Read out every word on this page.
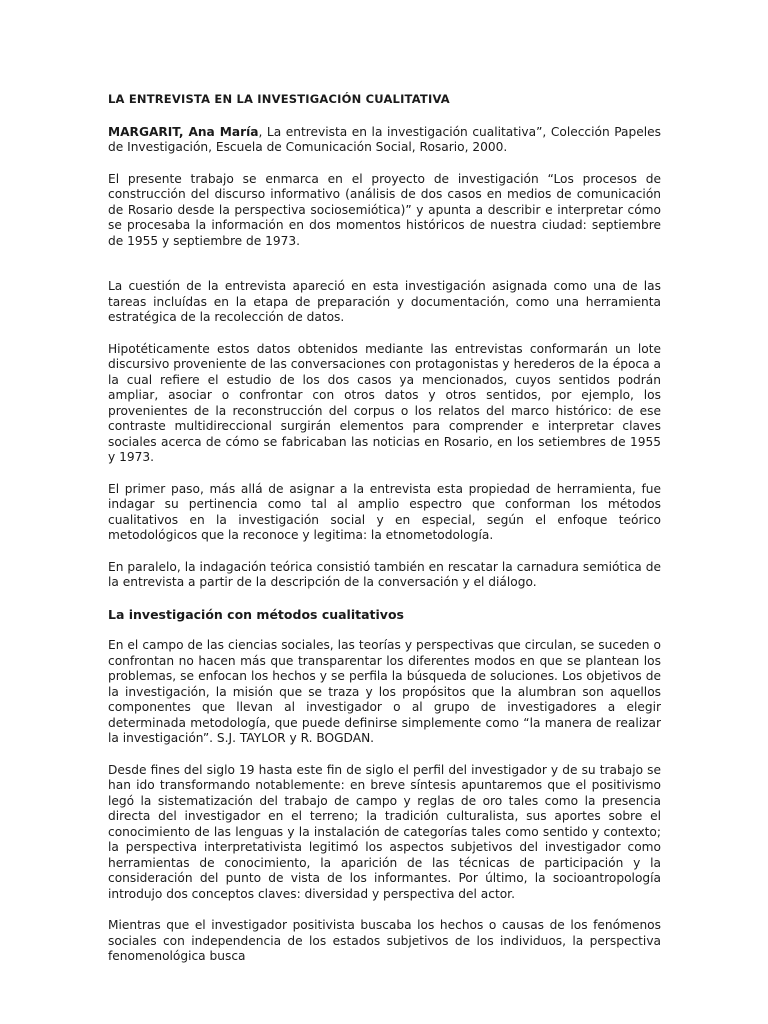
LA ENTREVISTA EN LA INVESTIGACIÓN CUALITATIVA

MARGARIT, Ana María, La entrevista en la investigación cualitativa”, Colección Papeles de Investigación, Escuela de Comunicación Social, Rosario, 2000.

El presente trabajo se enmarca en el proyecto de investigación “Los procesos de construcción del discurso informativo (análisis de dos casos en medios de comunicación de Rosario desde la perspectiva sociosemiótica)” y apunta a describir e interpretar cómo se procesaba la información en dos momentos históricos de nuestra ciudad: septiembre de 1955 y septiembre de 1973.

La cuestión de la entrevista apareció en esta investigación asignada como una de las tareas incluídas en la etapa de preparación y documentación, como una herramienta estratégica de la recolección de datos.

Hipotéticamente estos datos obtenidos mediante las entrevistas conformarán un lote discursivo proveniente de las conversaciones con protagonistas y herederos de la época a la cual refiere el estudio de los dos casos ya mencionados, cuyos sentidos podrán ampliar, asociar o confrontar con otros datos y otros sentidos, por ejemplo, los provenientes de la reconstrucción del corpus o los relatos del marco histórico: de ese contraste multidireccional surgirán elementos para comprender e interpretar claves sociales acerca de cómo se fabricaban las noticias en Rosario, en los setiembres de 1955 y 1973.

El primer paso, más allá de asignar a la entrevista esta propiedad de herramienta, fue indagar su pertinencia como tal al amplio espectro que conforman los métodos cualitativos en la investigación social y en especial, según el enfoque teórico metodológicos que la reconoce y legitima: la etnometodología.

En paralelo, la indagación teórica consistió también en rescatar la carnadura semiótica de la entrevista a partir de la descripción de la conversación y el diálogo.

La investigación con métodos cualitativos

En el campo de las ciencias sociales, las teorías y perspectivas que circulan, se suceden o confrontan no hacen más que transparentar los diferentes modos en que se plantean los problemas, se enfocan los hechos y se perfila la búsqueda de soluciones. Los objetivos de la investigación, la misión que se traza y los propósitos que la alumbran son aquellos componentes que llevan al investigador o al grupo de investigadores a elegir determinada metodología, que puede definirse simplemente como “la manera de realizar la investigación”. S.J. TAYLOR y R. BOGDAN.

Desde fines del siglo 19 hasta este fin de siglo el perfil del investigador y de su trabajo se han ido transformando notablemente: en breve síntesis apuntaremos que el positivismo legó la sistematización del trabajo de campo y reglas de oro tales como la presencia directa del investigador en el terreno; la tradición culturalista, sus aportes sobre el conocimiento de las lenguas y la instalación de categorías tales como sentido y contexto; la perspectiva interpretativista legitimó los aspectos subjetivos del investigador como herramientas de conocimiento, la aparición de las técnicas de participación y la consideración del punto de vista de los informantes. Por último, la socioantropología introdujo dos conceptos claves: diversidad y perspectiva del actor.

Mientras que el investigador positivista buscaba los hechos o causas de los fenómenos sociales con independencia de los estados subjetivos de los individuos, la perspectiva fenomenológica busca
